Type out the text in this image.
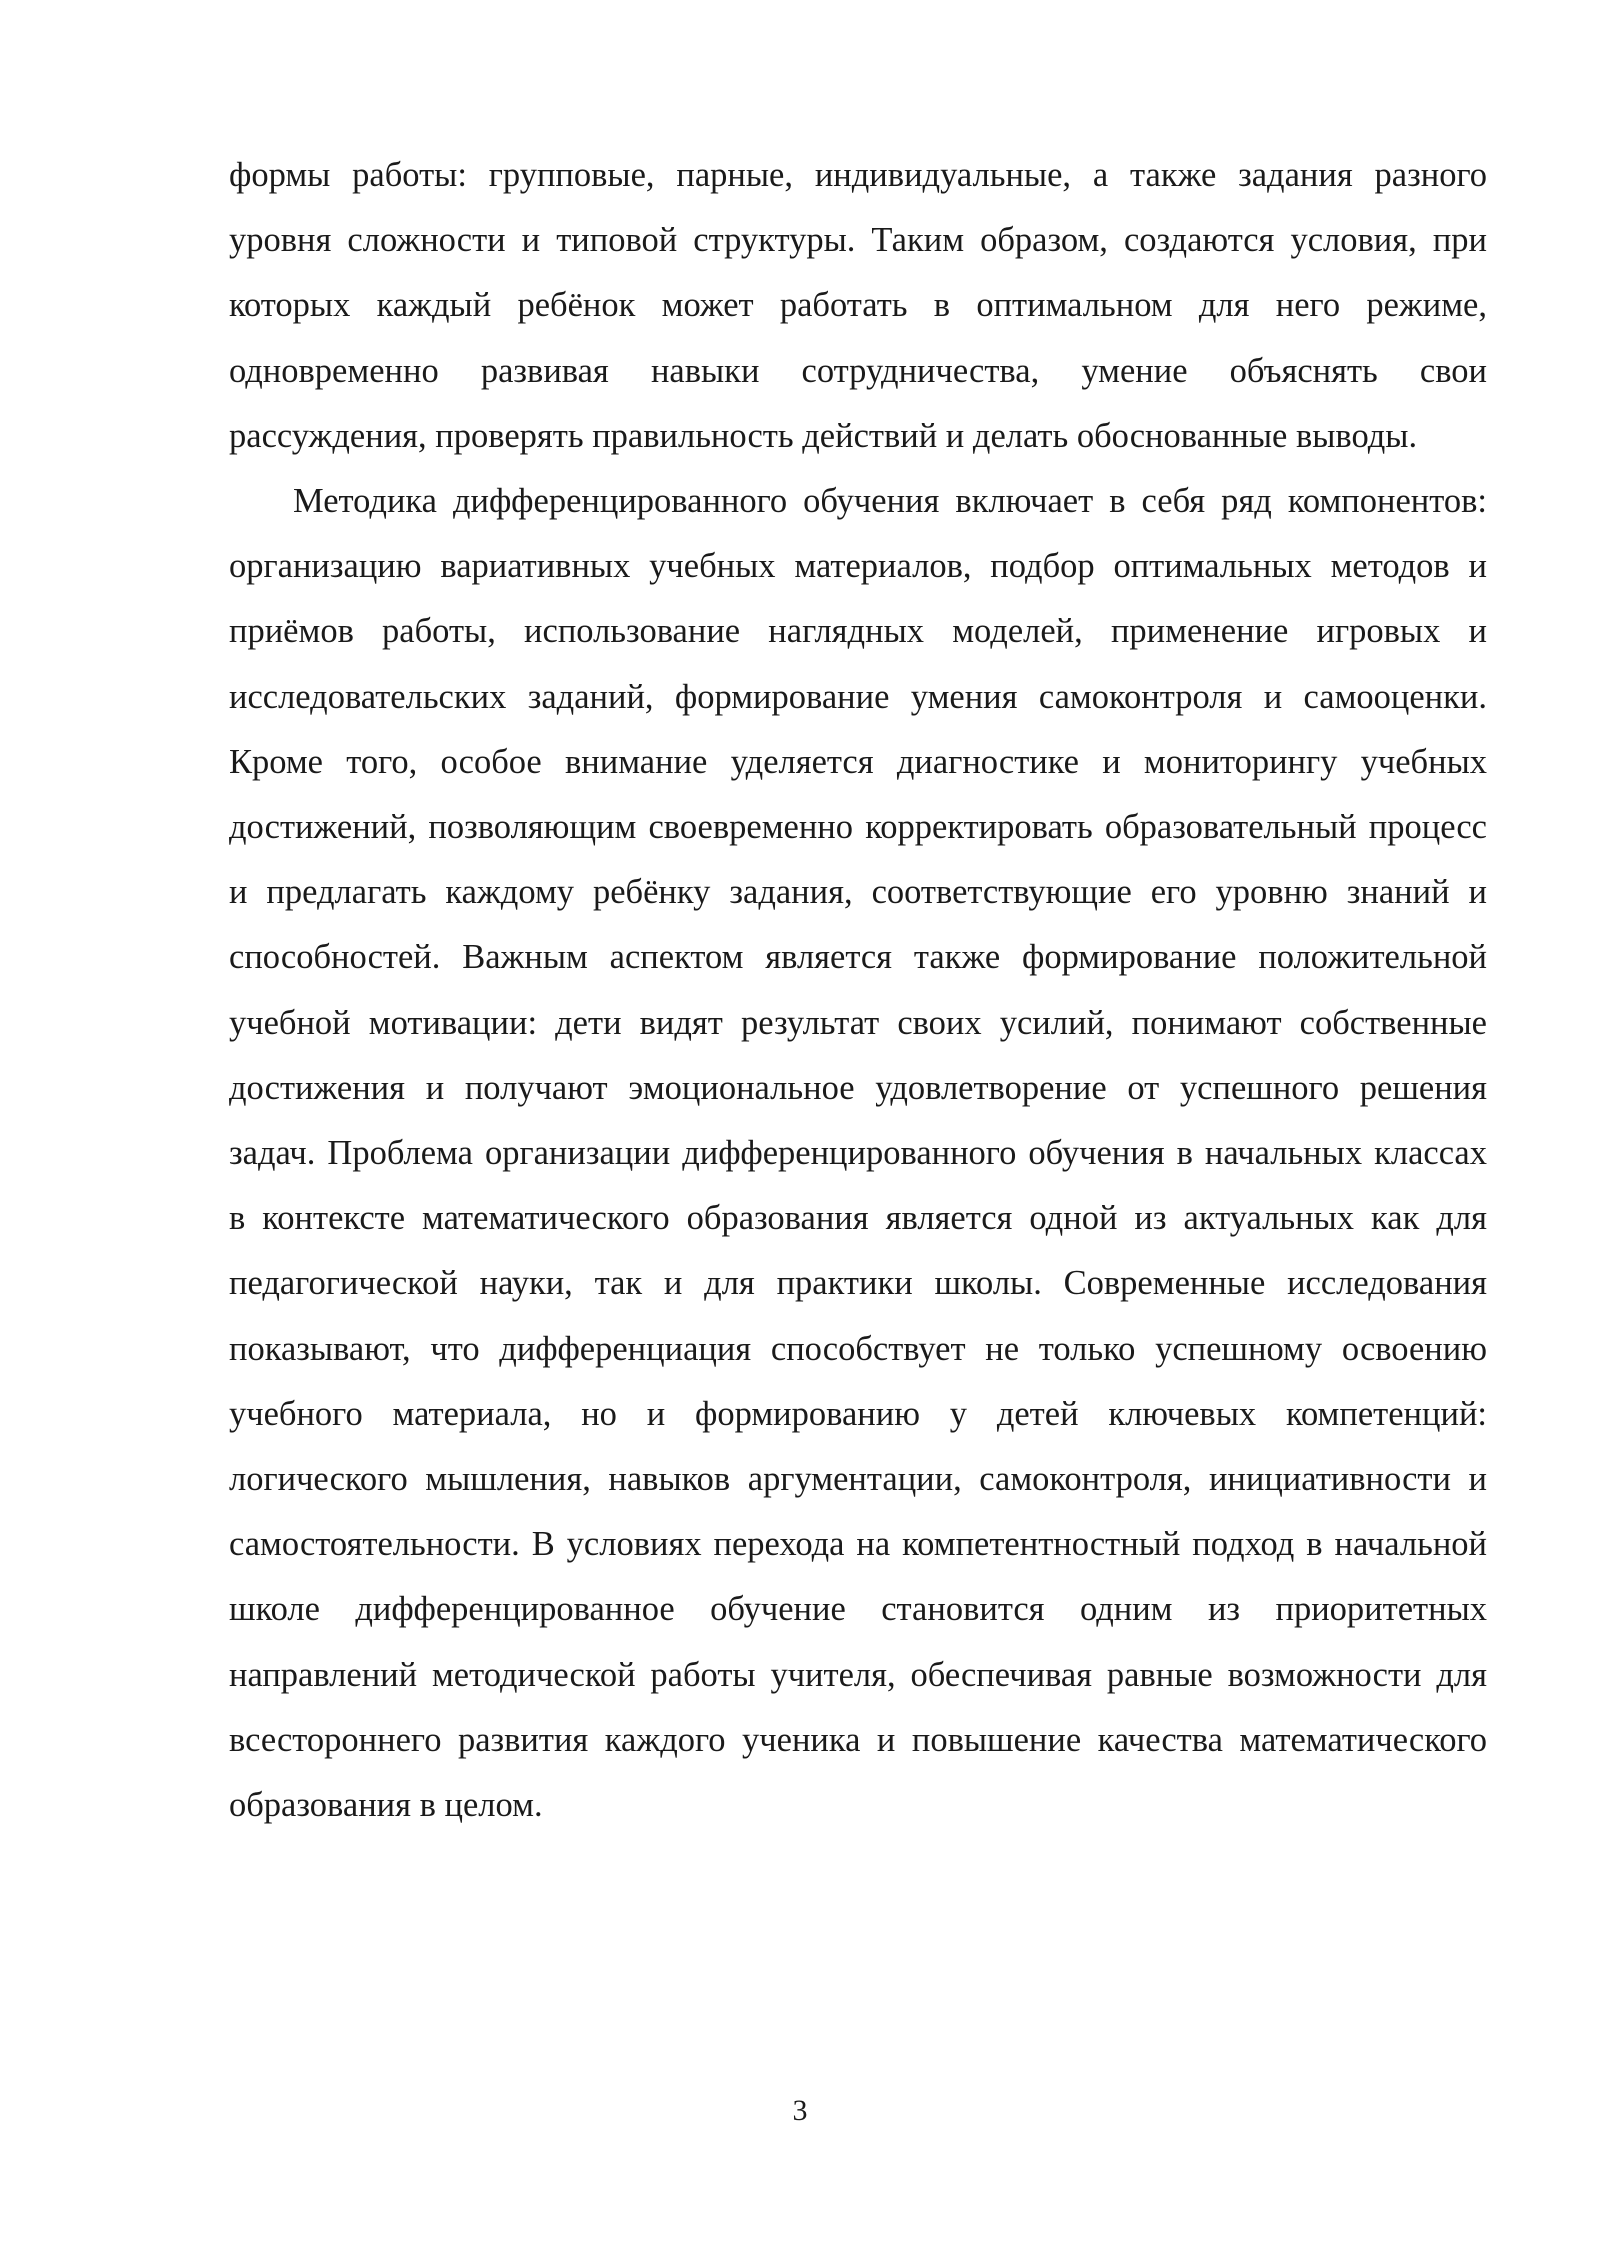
формы работы: групповые, парные, индивидуальные, а также задания разного уровня сложности и типовой структуры. Таким образом, создаются условия, при которых каждый ребёнок может работать в оптимальном для него режиме, одновременно развивая навыки сотрудничества, умение объяснять свои рассуждения, проверять правильность действий и делать обоснованные выводы.

Методика дифференцированного обучения включает в себя ряд компонентов: организацию вариативных учебных материалов, подбор оптимальных методов и приёмов работы, использование наглядных моделей, применение игровых и исследовательских заданий, формирование умения самоконтроля и самооценки. Кроме того, особое внимание уделяется диагностике и мониторингу учебных достижений, позволяющим своевременно корректировать образовательный процесс и предлагать каждому ребёнку задания, соответствующие его уровню знаний и способностей. Важным аспектом является также формирование положительной учебной мотивации: дети видят результат своих усилий, понимают собственные достижения и получают эмоциональное удовлетворение от успешного решения задач. Проблема организации дифференцированного обучения в начальных классах в контексте математического образования является одной из актуальных как для педагогической науки, так и для практики школы. Современные исследования показывают, что дифференциация способствует не только успешному освоению учебного материала, но и формированию у детей ключевых компетенций: логического мышления, навыков аргументации, самоконтроля, инициативности и самостоятельности. В условиях перехода на компетентностный подход в начальной школе дифференцированное обучение становится одним из приоритетных направлений методической работы учителя, обеспечивая равные возможности для всестороннего развития каждого ученика и повышение качества математического образования в целом.

3
